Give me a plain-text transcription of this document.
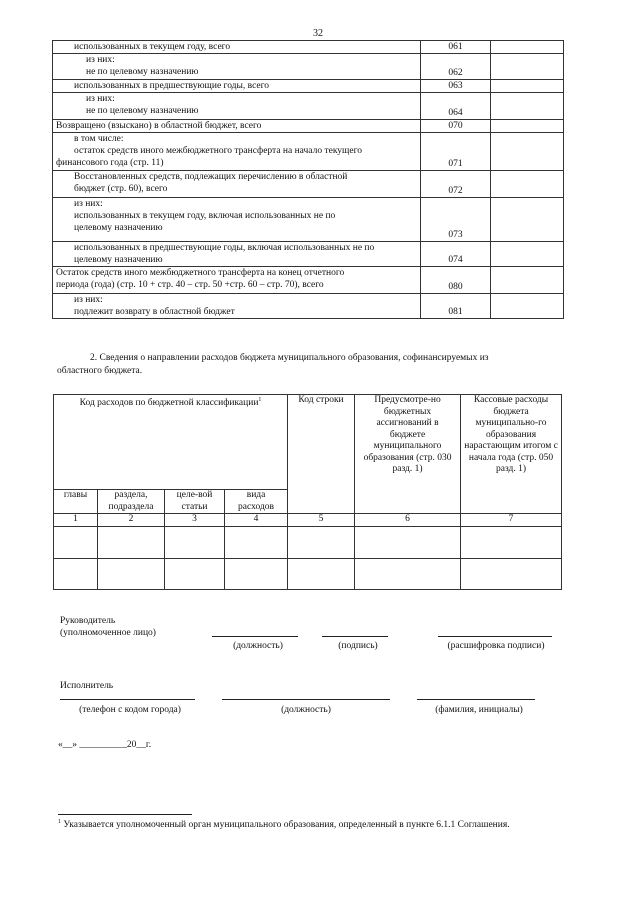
32
использованных в текущем году, всего	061	

из них:
не по целевому назначению	062	

использованных в предшествующие годы, всего	063	

из них:
не по целевому назначению	064	

Возвращено (взыскано) в областной бюджет, всего	070	

в том числе:
остаток средств иного межбюджетного трансферта на начало текущего
финансового года (стр. 11)	071	

Восстановленных средств, подлежащих перечислению в областной
бюджет (стр. 60), всего	072	

из них:
использованных в текущем году, включая использованных не по
целевому назначению	073	

использованных в предшествующие годы, включая использованных не по
целевому назначению	074	

Остаток средств иного межбюджетного трансферта на конец отчетного
периода (года) (стр. 10 + стр. 40 – стр. 50 +стр. 60 – стр. 70), всего	080	

из них:
подлежит возврату в областной бюджет	081	
2. Сведения о направлении расходов бюджета муниципального образования, софинансируемых из
областного бюджета.
Код расходов по бюджетной классификации$^1$				Код строки	Предусмотре-но бюджетных ассигнований в бюджете муниципального образования (стр. 030 разд. 1)	Кассовые расходы бюджета муниципально-го образования нарастающим итогом с начала года (стр. 050 разд. 1)
главы	раздела, подраздела	целе-вой статьи	вида расходов			
1	2	3	4	5	6	7

Руководитель
(уполномоченное лицо)
(должность)	(подпись)	(расшифровка подписи)
Исполнитель
(телефон с кодом города)	(должность)	(фамилия, инициалы)
«__» __________20__г.
$^1$ Указывается уполномоченный орган муниципального образования, определенный в пункте 6.1.1 Соглашения.
